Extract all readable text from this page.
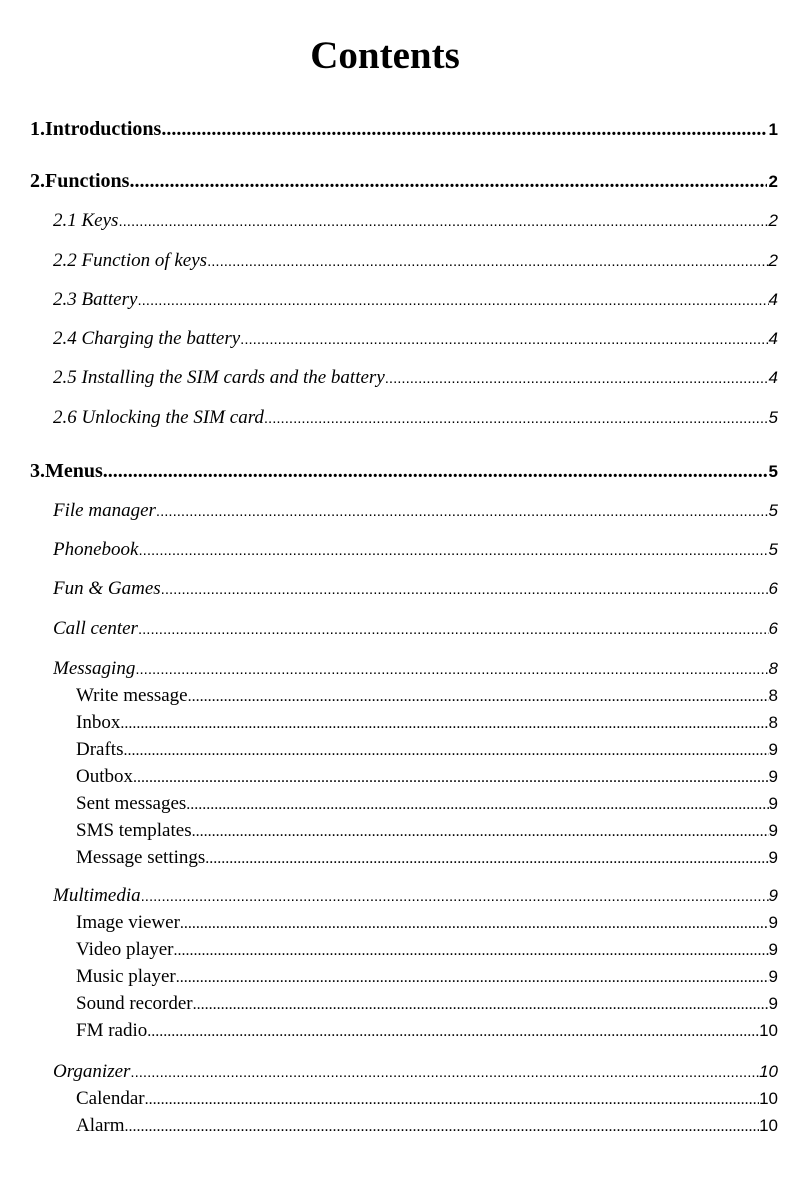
Contents
1.Introductions .....	1
2.Functions .....	2
2.1 Keys .....	2
2.2 Function of keys .....	2
2.3 Battery .....	4
2.4 Charging the battery .....	4
2.5 Installing the SIM cards and the battery .....	4
2.6 Unlocking the SIM card .....	5
3.Menus .....	5
File manager .....	5
Phonebook .....	5
Fun & Games .....	6
Call center .....	6
Messaging .....	8
Write message .....	8
Inbox .....	8
Drafts .....	9
Outbox .....	9
Sent messages .....	9
SMS templates .....	9
Message settings .....	9
Multimedia .....	9
Image viewer .....	9
Video player .....	9
Music player .....	9
Sound recorder .....	9
FM radio .....	10
Organizer .....	10
Calendar .....	10
Alarm .....	10
